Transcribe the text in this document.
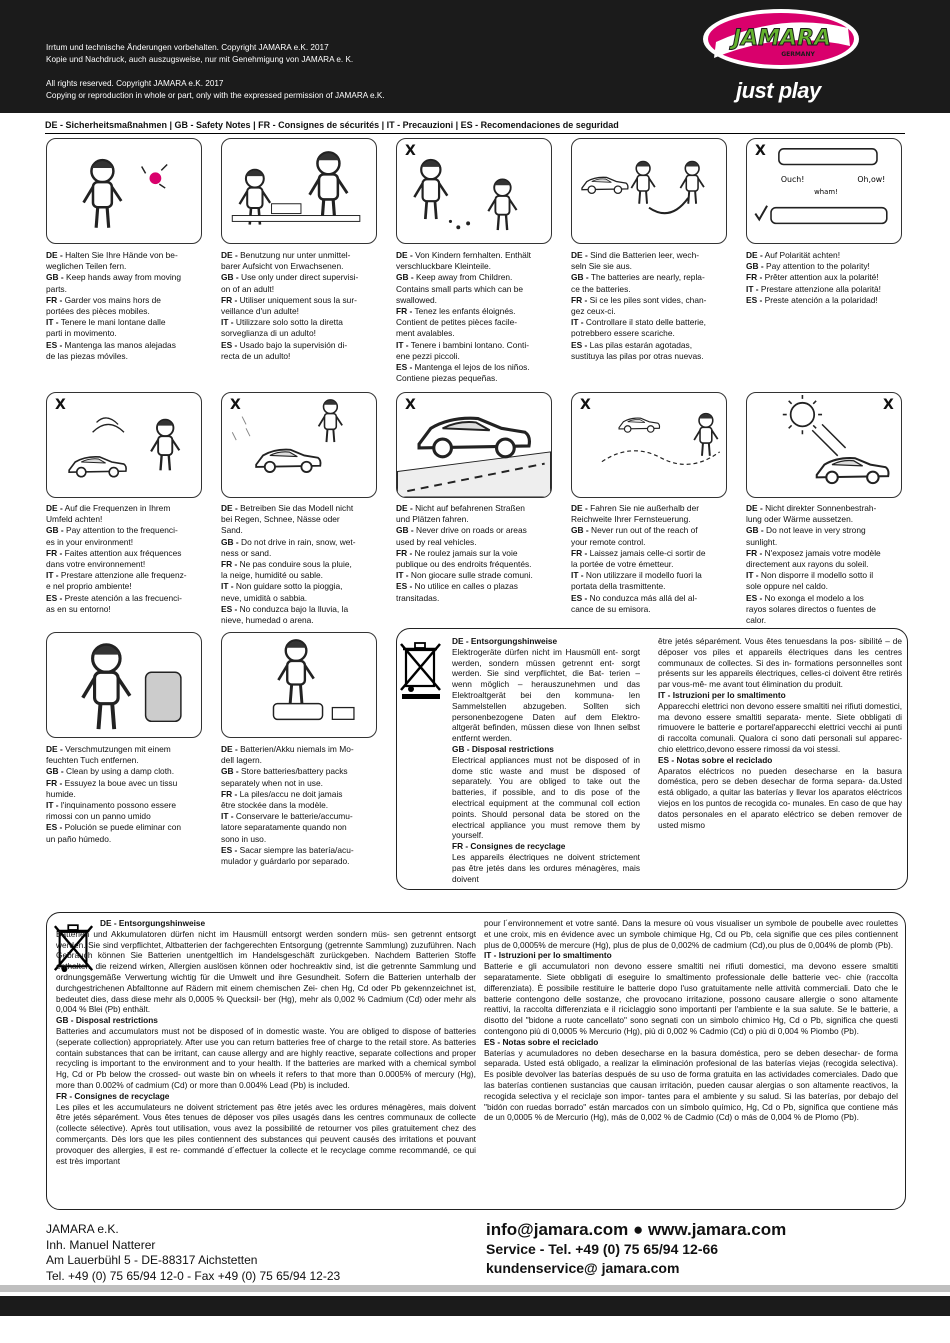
Irrtum und technische Änderungen vorbehalten. Copyright JAMARA e.K. 2017
Kopie und Nachdruck, auch auszugsweise, nur mit Genehmigung von JAMARA e. K.
All rights reserved. Copyright JAMARA e.K. 2017
Copying or reproduction in whole or part, only with the expressed permission of JAMARA e.K.
JAMARA
GERMANY
just play
DE - Sicherheitsmaßnahmen | GB - Safety Notes | FR - Consignes de sécurités | IT - Precauzioni | ES - Recomendaciones de seguridad
X
Ouch!	Oh,ow!
wham!
X
X	X	X	X	X
DE - Halten Sie Ihre Hände von be-
weglichen Teilen fern.
GB - Keep hands away from moving
parts.
FR - Garder vos mains hors de
portées des pièces mobiles.
IT - Tenere le mani lontane dalle
parti in movimento.
ES - Mantenga las manos alejadas
de las piezas móviles.
DE - Benutzung nur unter unmittel-
barer Aufsicht von Erwachsenen.
GB - Use only under direct supervisi-
on of an adult!
FR - Utiliser uniquement sous la sur-
veillance d'un adulte!
IT - Utilizzare solo sotto la diretta
sorveglianza di un adulto!
ES - Usado bajo la supervisión di-
recta de un adulto!
DE - Von Kindern fernhalten. Enthält
verschluckbare Kleinteile.
GB - Keep away from Children.
Contains small parts which can be
swallowed.
FR - Tenez les enfants éloignés.
Contient de petites pièces facile-
ment avalables.
IT - Tenere i bambini lontano. Conti-
ene pezzi piccoli.
ES - Mantenga el lejos de los niños.
Contiene piezas pequeñas.
DE - Sind die Batterien leer, wech-
seln Sie sie aus.
GB - The batteries are nearly, repla-
ce the batteries.
FR - Si ce les piles sont vides, chan-
gez ceux-ci.
IT - Controllare il stato delle batterie,
potrebbero essere scariche.
ES - Las pilas estarán agotadas,
sustituya las pilas por otras nuevas.
DE - Auf Polarität achten!
GB - Pay attention to the polarity!
FR - Prêter attention aux la polarité!
IT - Prestare attenzione alla polarità!
ES - Preste atención a la polaridad!
DE - Auf die Frequenzen in Ihrem
Umfeld achten!
GB - Pay attention to the frequenci-
es in your environment!
FR - Faites attention aux fréquences
dans votre environnement!
IT - Prestare attenzione alle frequenz-
e nel proprio ambiente!
ES - Preste atención a las frecuenci-
as en su entorno!
DE - Betreiben Sie das Modell nicht
bei Regen, Schnee, Nässe oder
Sand.
GB - Do not drive in rain, snow, wet-
ness or sand.
FR - Ne pas conduire sous la pluie,
la neige, humidité ou sable.
IT - Non guidare sotto la pioggia,
neve, umidità o sabbia.
ES - No conduzca bajo la lluvia, la
nieve, humedad o arena.
DE - Nicht auf befahrenen Straßen
und Plätzen fahren.
GB - Never drive on roads or areas
used by real vehicles.
FR - Ne roulez jamais sur la voie
publique ou des endroits fréquentés.
IT - Non giocare sulle strade comuni.
ES - No utilice en calles o plazas
transitadas.
DE - Fahren Sie nie außerhalb der
Reichweite Ihrer Fernsteuerung.
GB - Never run out of the reach of
your remote control.
FR - Laissez jamais celle-ci sortir de
la portée de votre émetteur.
IT - Non utilizzare il modello fuori la
portata della trasmittente.
ES - No conduzca más allá del al-
cance de su emisora.
DE - Nicht direkter Sonnenbestrah-
lung oder Wärme aussetzen.
GB - Do not leave in very strong
sunlight.
FR - N'exposez jamais votre modèle
directement aux rayons du soleil.
IT - Non disporre il modello sotto il
sole oppure nel caldo.
ES - No exonga el modelo a los
rayos solares directos o fuentes de
calor.
DE - Verschmutzungen mit einem
feuchten Tuch entfernen.
GB - Clean by using a damp cloth.
FR - Essuyez la boue avec un tissu
humide.
IT - l'inquinamento possono essere
rimossi con un panno umido
ES - Polución se puede eliminar con
un paño húmedo.
DE - Batterien/Akku niemals im Mo-
dell lagern.
GB - Store batteries/battery packs
separately when not in use.
FR - La piles/accu ne doit jamais
être stockée dans la modèle.
IT - Conservare le batterie/accumu-
latore separatamente quando non
sono in uso.
ES - Sacar siempre las batería/acu-
mulador y guárdarlo por separado.
DE - Entsorgungshinweise
Elektrogeräte dürfen nicht im Hausmüll ent- sorgt werden, sondern müssen getrennt ent- sorgt werden. Sie sind verpflichtet, die Bat- terien – wenn möglich – herauszunehmen und das Elektroaltgerät bei den kommuna- len Sammelstellen abzugeben. Sollten sich personenbezogene Daten auf dem Elektro- altgerät befinden, müssen diese von Ihnen selbst entfernt werden.
GB - Disposal restrictions
Electrical appliances must not be disposed of in dome stic waste and must be disposed of separately. You are obliged to take out the batteries, if possible, and to dis pose of the electrical equipment at the communal coll ection points. Should personal data be stored on the electrical appliance you must remove them by yourself.
FR - Consignes de recyclage
Les appareils électriques ne doivent strictement pas être jetés dans les ordures ménagères, mais doivent
être jetés séparément. Vous êtes tenuesdans la pos- sibilité – de déposer vos piles et appareils électriques dans les centres communaux de collectes. Si des in- formations personnelles sont présents sur les appareils électriques, celles-ci doivent être retirés par vous-mê- me avant tout élimination du produit.
IT - Istruzioni per lo smaltimento
Apparecchi elettrici non devono essere smaltiti nei rifiuti domestici, ma devono essere smaltiti separata- mente. Siete obbligati di rimuovere le batterie e portarel'apparecchi elettrici vecchi ai punti di raccolta comunali. Qualora ci sono dati personali sul apparec- chio elettrico,devono essere rimossi da voi stessi.
ES - Notas sobre el reciclado
Aparatos eléctricos no pueden desecharse en la basura doméstica, pero se deben desechar de forma separa- da.Usted está obligado, a quitar las baterías y llevar los aparatos eléctricos viejos en los puntos de recogida co- munales. En caso de que hay datos personales en el aparato eléctrico se deben remover de usted mismo
DE - Entsorgungshinweise
Batterien und Akkumulatoren dürfen nicht im Hausmüll entsorgt werden sondern müs- sen getrennt entsorgt werden. Sie sind verpflichtet, Altbatterien der fachgerechten Entsorgung (getrennte Sammlung) zuzuführen. Nach Gebrauch können Sie Batterien unentgeltlich im Handelsgeschäft zurückgeben. Nachdem Batterien Stoffe enthalten, die reizend wirken, Allergien auslösen können oder hochreaktiv sind, ist die getrennte Sammlung und ordnungsgemäße Verwertung wichtig für die Umwelt und ihre Gesundheit. Sofern die Batterien unterhalb der durchgestrichenen Abfalltonne auf Rädern mit einem chemischen Zei- chen Hg, Cd oder Pb gekennzeichnet ist, bedeutet dies, dass diese mehr als 0,0005 % Quecksil- ber (Hg), mehr als 0,002 % Cadmium (Cd) oder mehr als 0,004 % Blei (Pb) enthält.
GB - Disposal restrictions
Batteries and accumulators must not be disposed of in domestic waste. You are obliged to dispose of batteries (seperate collection) appropriately. After use you can return batteries free of charge to the retail store. As batteries contain substances that can be irritant, can cause allergy and are highly reactive, separate collections and proper recycling is important to the environment and to your health. If the batteries are marked with a chemical symbol Hg, Cd or Pb below the crossed- out waste bin on wheels it refers to that more than 0.0005% of mercury (Hg), more than 0.002% of cadmium (Cd) or more than 0.004% Lead (Pb) is included.
FR - Consignes de recyclage
Les piles et les accumulateurs ne doivent strictement pas être jetés avec les ordures ménagères, mais doivent être jetés séparément. Vous êtes tenues de déposer vos piles usagés dans les centres communaux de collecte (collecte sélective). Après tout utilisation, vous avez la possibilité de retourner vos piles gratuitement chez des commerçants. Dès lors que les piles contiennent des substances qui peuvent causés des irritations et pouvant provoquer des allergies, il est re- commandé d´effectuer la collecte et le recyclage comme recommandé, ce qui est très important
pour l´environnement et votre santé. Dans la mesure où vous visualiser un symbole de poubelle avec roulettes et une croix, mis en évidence avec un symbole chimique Hg, Cd ou Pb, cela signifie que ces piles contiennent plus de 0,0005% de mercure (Hg), plus de plus de 0,002% de cadmium (Cd),ou plus de 0,004% de plomb (Pb).
IT - Istruzioni per lo smaltimento
Batterie e gli accumulatori non devono essere smaltiti nei rifiuti domestici, ma devono essere smaltiti separatamente. Siete obbligati di eseguire lo smaltimento professionale delle batterie vec- chie (raccolta differenziata). È possibile restituire le batterie dopo l'uso gratuitamente nelle attività commerciali. Dato che le batterie contengono delle sostanze, che provocano irritazione, possono causare allergie o sono altamente reattivi, la raccolta differenziata e il riciclaggio sono importanti per l'ambiente e la sua salute. Se le batterie, a disotto del "bidone a ruote cancellato" sono segnati con un simbolo chimico Hg, Cd o Pb, significa che questi contengono più di 0,0005 % Mercurio (Hg), più di 0,002 % Cadmio (Cd) o più di 0,004 % Piombo (Pb).
ES - Notas sobre el reciclado
Baterías y acumuladores no deben desecharse en la basura doméstica, pero se deben desechar- de forma separada. Usted está obligado, a realizar la eliminación profesional de las baterías viejas (recogida selectiva). Es posible devolver las baterías después de su uso de forma gratuita en las actividades comerciales. Dado que las baterías contienen sustancias que causan irritación, pueden causar alergias o son altamente reactivos, la recogida selectiva y el reciclaje son impor- tantes para el ambiente y su salud. Si las baterías, por debajo del "bidón con ruedas borrado" están marcados con un símbolo químico, Hg, Cd o Pb, significa que contiene más de un 0,0005 % de Mercurio (Hg), más de 0,002 % de Cadmio (Cd) o más de 0,004 % de Plomo (Pb).
JAMARA e.K.
Inh. Manuel Natterer
Am Lauerbühl 5 - DE-88317 Aichstetten
Tel. +49 (0) 75 65/94 12-0 - Fax +49 (0) 75 65/94 12-23
info@jamara.com ● www.jamara.com
Service - Tel. +49 (0) 75 65/94 12-66
kundenservice@ jamara.com
